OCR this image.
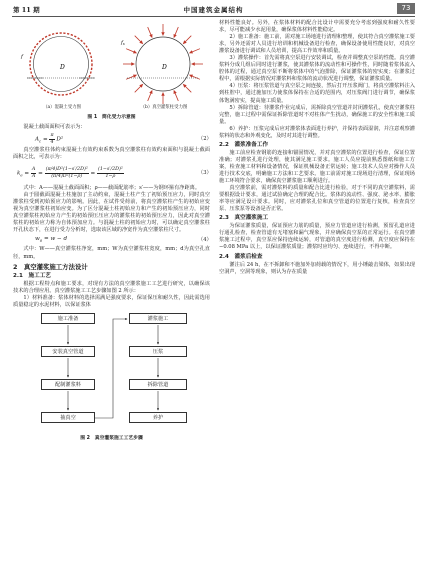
第 11 期	中国建筑金属结构	73
D
f
D
$f_s$
（a）混凝土受力图	（b）真空灌浆柱受力图
图 1　简化受力示意图

混凝土截面面积可表示为：

$A_c = \frac{\pi}{4} D^2$	（2）

真空灌浆柱体约束混凝土有效约束系数为真空灌浆柱有效约束面积与混凝土截面面积之比，可表示为：

$k_e = \frac{A}{A} = \frac{\text{(π/4)D²(1−s′/2D)²}}{\text{(π/4)D²(1−ρ)}} = \frac{\text{(1−s′/2D)²}}{1-\rho}$	（3）

式中：A——混凝土截面面积；ρ——截面配筋率；s′——为钢环箍有净距离。

由于圆截面混凝土柱施加了主动约束，混凝土柱产生了初始预压应力，同时真空灌浆柱受到初始预应力的影响。因此，在试件受荷前，将真空灌浆柱产生的初始应变视为真空灌浆柱初始应变。为了区分混凝土柱初始应力和产生的初始预压应力，同时真空灌浆柱初始应力产生的初始预压压应力的灌浆柱的初始预压应力，因此对真空灌浆柱的初始应力称为自体预加应力。与混凝土柱的初始应力时，可以确定真空灌浆柱开孔状态下，在进行受力分析时，选取该区域的净宽作为真空灌浆柱尺寸。

$w_0 = w - d$	（4）

式中：W——真空灌浆柱净宽，mm；W为真空灌浆柱宽度，mm；d为真空孔直径，mm。

2　真空灌浆施工方法设计
2.1　施工工艺

根据工程特点和施工要求，对现有方法的真空灌浆施工工艺进行研究，以确保该技术的合理应用。真空灌浆施工工艺步骤如图 2 所示：

1）材料准备：浆体材料的选择需满足强度要求，保证保压和耐久性，因此需选用质量稳定的水泥材料，以保证浆体

施工准备
安装真空管道
配制灌浆料
抽真空
灌浆施工
压浆
拆除管道
养护
图 2　真空灌浆施工工艺步骤

材料性能良好。另外，在浆体材料的配合比设计中需要充分考虑到强度和耐久性要求，尽可能减少水泥用量，确保浆体材料性能稳定。

2）施工准备：施工前，需对施工场地进行清理和整理，使其符合真空灌浆施工要求，另外还需对人员进行培训和机械设备进行检查，确保设备使用性能良好，对真空灌浆设备进行调试和人员培训，提高工作效率和质量。

3）灌浆操作：首先需将真空泵进行安装调试，检查并调整真空泵的性能。真空灌浆料分成几组后同时进行灌浆，使其灌浆体的流动性和可操作性，同时随着浆体流入腔体的过程，通过真空泵不断将浆体中的气泡排除，保证灌浆体的密实度；在灌浆过程中，需根据实际情况对灌浆料和浆体的流动状况进行调整，保证灌浆质量。

4）压浆：将压浆管道与真空泵之间连接，然后打开压浆阀门，将真空灌浆料注入到柱腔中，通过施加压力使浆体保持在合适的范围内，对压浆阀门进行调节，确保浆体饱满密实，提高施工质量。

5）拆除管道：待灌浆作业完成后，需拆除真空管道并封闭灌浆孔，使真空灌浆柱完整，施工过程中需保证拆除管道时不对柱体产生扰动，确保施工的安全性和施工质量。

6）养护：压浆完成后应对灌浆体表面进行养护，并保持表面湿润，并注意观察灌浆料的状态和外观变化，及时对其进行调整。

2.2　灌浆准备工作

施工前应检查钢筋的连接和锚固情况，并对真空灌浆的位置进行检查，保证位置准确；对灌浆孔进行处理，使其满足施工要求。施工人员应提前熟悉图纸和施工方案，检查施工材料和设备情况，保证机械设备正常运转；施工技术人员应对操作人员进行技术交底，明确施工方法和工艺要求。施工前需对施工现场进行清理，保证现场施工环境符合要求，确保真空灌浆施工顺利进行。

真空灌浆前，需对灌浆料的质量和配合比进行检验，对于不同的真空灌浆料，需要根据设计要求，通过试验确定合理的配合比。浆体的流动性、强度、泌水率、膨胀率等应满足设计要求。同时，应对灌浆孔位和真空管道的位置进行复核，检查真空泵、压浆泵等设备是否正常。

2.3　真空灌浆施工

为保证灌浆质量，保证预应力筋的质量，预应力管道应进行检测，预留孔道应进行通孔检查，检查管道有无堵塞和漏气现象，并应确保真空泵的正常运行。在真空灌浆施工过程中，真空泵应保持连续运转，对管道的真空度进行检测，真空度应保持在−0.08 MPa 以上，以保证灌浆质量；灌浆时应均匀、连续进行，不得中断。

2.4　灌浆后检查

灌注后 24 h，在不拆卸和不施加外加荷载的情况下，用小锤敲击梁体，如果出现空洞声，空洞等现象，则认为存在质量
